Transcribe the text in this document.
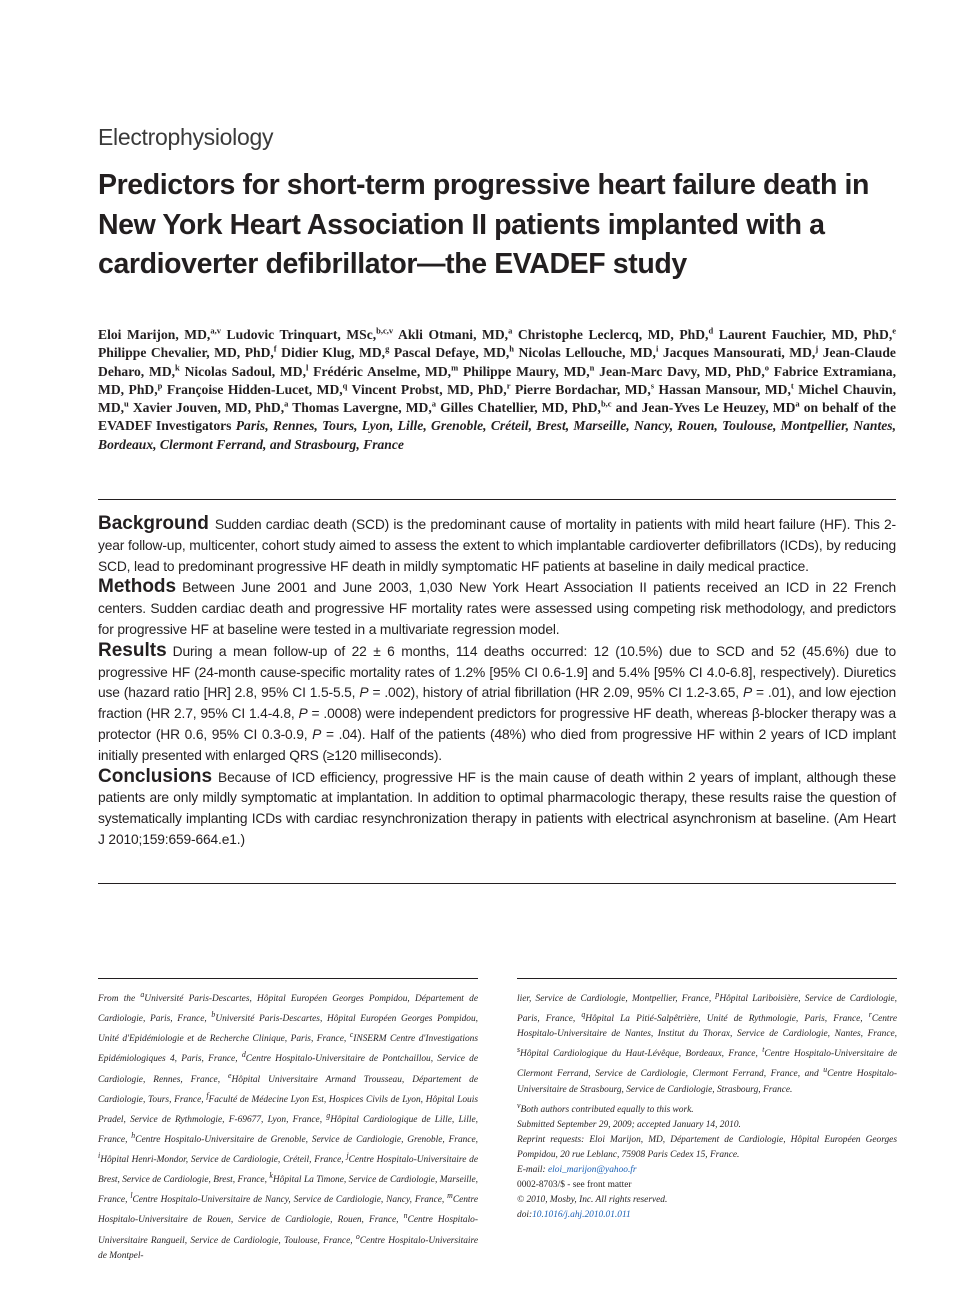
Electrophysiology
Predictors for short-term progressive heart failure death in New York Heart Association II patients implanted with a cardioverter defibrillator—the EVADEF study
Eloi Marijon, MD,$^{a,v}$ Ludovic Trinquart, MSc,$^{b,c,v}$ Akli Otmani, MD,$^a$ Christophe Leclercq, MD, PhD,$^d$ Laurent Fauchier, MD, PhD,$^e$ Philippe Chevalier, MD, PhD,$^f$ Didier Klug, MD,$^g$ Pascal Defaye, MD,$^h$ Nicolas Lellouche, MD,$^i$ Jacques Mansourati, MD,$^j$ Jean-Claude Deharo, MD,$^k$ Nicolas Sadoul, MD,$^l$ Frédéric Anselme, MD,$^m$ Philippe Maury, MD,$^n$ Jean-Marc Davy, MD, PhD,$^o$ Fabrice Extramiana, MD, PhD,$^p$ Françoise Hidden-Lucet, MD,$^q$ Vincent Probst, MD, PhD,$^r$ Pierre Bordachar, MD,$^s$ Hassan Mansour, MD,$^t$ Michel Chauvin, MD,$^u$ Xavier Jouven, MD, PhD,$^a$ Thomas Lavergne, MD,$^a$ Gilles Chatellier, MD, PhD,$^{b,c}$ and Jean-Yves Le Heuzey, $MD^a$ on behalf of the EVADEF Investigators Paris, Rennes, Tours, Lyon, Lille, Grenoble, Créteil, Brest, Marseille, Nancy, Rouen, Toulouse, Montpellier, Nantes, Bordeaux, Clermont Ferrand, and Strasbourg, France

Background Sudden cardiac death (SCD) is the predominant cause of mortality in patients with mild heart failure (HF). This 2-year follow-up, multicenter, cohort study aimed to assess the extent to which implantable cardioverter defibrillators (ICDs), by reducing SCD, lead to predominant progressive HF death in mildly symptomatic HF patients at baseline in daily medical practice.

Methods Between June 2001 and June 2003, 1,030 New York Heart Association II patients received an ICD in 22 French centers. Sudden cardiac death and progressive HF mortality rates were assessed using competing risk methodology, and predictors for progressive HF at baseline were tested in a multivariate regression model.

Results During a mean follow-up of 22 ± 6 months, 114 deaths occurred: 12 (10.5%) due to SCD and 52 (45.6%) due to progressive HF (24-month cause-specific mortality rates of 1.2% [95% CI 0.6-1.9] and 5.4% [95% CI 4.0-6.8], respectively). Diuretics use (hazard ratio [HR] 2.8, 95% CI 1.5-5.5, P = .002), history of atrial fibrillation (HR 2.09, 95% CI 1.2-3.65, P = .01), and low ejection fraction (HR 2.7, 95% CI 1.4-4.8, P = .0008) were independent predictors for progressive HF death, whereas β-blocker therapy was a protector (HR 0.6, 95% CI 0.3-0.9, P = .04). Half of the patients (48%) who died from progressive HF within 2 years of ICD implant initially presented with enlarged QRS (≥120 milliseconds).

Conclusions Because of ICD efficiency, progressive HF is the main cause of death within 2 years of implant, although these patients are only mildly symptomatic at implantation. In addition to optimal pharmacologic therapy, these results raise the question of systematically implanting ICDs with cardiac resynchronization therapy in patients with electrical asynchronism at baseline. (Am Heart J 2010;159:659-664.e1.)

From the $^a$Université Paris-Descartes, Hôpital Européen Georges Pompidou, Département de Cardiologie, Paris, France, $^b$Université Paris-Descartes, Hôpital Européen Georges Pompidou, Unité d'Epidémiologie et de Recherche Clinique, Paris, France, $^c$INSERM Centre d'Investigations Epidémiologiques 4, Paris, France, $^d$Centre Hospitalo-Universitaire de Pontchaillou, Service de Cardiologie, Rennes, France, $^e$Hôpital Universitaire Armand Trousseau, Département de Cardiologie, Tours, France, $^f$Faculté de Médecine Lyon Est, Hospices Civils de Lyon, Hôpital Louis Pradel, Service de Rythmologie, F-69677, Lyon, France, $^g$Hôpital Cardiologique de Lille, Lille, France, $^h$Centre Hospitalo-Universitaire de Grenoble, Service de Cardiologie, Grenoble, France, $^i$Hôpital Henri-Mondor, Service de Cardiologie, Créteil, France, $^j$Centre Hospitalo-Universitaire de Brest, Service de Cardiologie, Brest, France, $^k$Hôpital La Timone, Service de Cardiologie, Marseille, France, $^l$Centre Hospitalo-Universitaire de Nancy, Service de Cardiologie, Nancy, France, $^m$Centre Hospitalo-Universitaire de Rouen, Service de Cardiologie, Rouen, France, $^n$Centre Hospitalo-Universitaire Rangueil, Service de Cardiologie, Toulouse, France, $^o$Centre Hospitalo-Universitaire de Montpel-

lier, Service de Cardiologie, Montpellier, France, $^p$Hôpital Lariboisière, Service de Cardiologie, Paris, France, $^q$Hôpital La Pitié-Salpêtrière, Unité de Rythmologie, Paris, France, $^r$Centre Hospitalo-Universitaire de Nantes, Institut du Thorax, Service de Cardiologie, Nantes, France, $^s$Hôpital Cardiologique du Haut-Lévêque, Bordeaux, France, $^t$Centre Hospitalo-Universitaire de Clermont Ferrand, Service de Cardiologie, Clermont Ferrand, France, and $^u$Centre Hospitalo-Universitaire de Strasbourg, Service de Cardiologie, Strasbourg, France.

$^v$Both authors contributed equally to this work.

Submitted September 29, 2009; accepted January 14, 2010.

Reprint requests: Eloi Marijon, MD, Département de Cardiologie, Hôpital Européen Georges Pompidou, 20 rue Leblanc, 75908 Paris Cedex 15, France.

E-mail: eloi_marijon@yahoo.fr

0002-8703/$ - see front matter

© 2010, Mosby, Inc. All rights reserved.

doi:10.1016/j.ahj.2010.01.011
